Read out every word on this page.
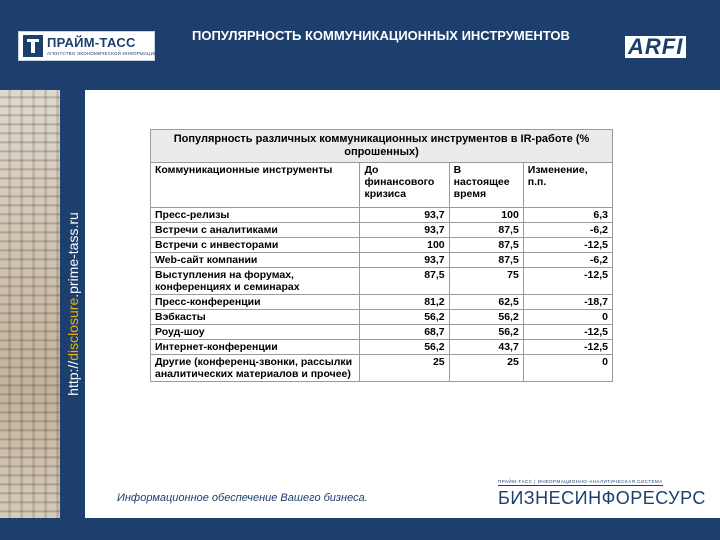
ПРАЙМ-ТАСС
АГЕНТСТВО ЭКОНОМИЧЕСКОЙ ИНФОРМАЦИИ
ПОПУЛЯРНОСТЬ КОММУНИКАЦИОННЫХ ИНСТРУМЕНТОВ	ARFI
http://disclosure.prime-tass.ru
Популярность различных коммуникационных инструментов в IR-работе (% опрошенных)			
Коммуникационные инструменты	До финансового кризиса	В настоящее время	Изменение, п.п.
Пресс-релизы	93,7	100	6,3
Встречи с аналитиками	93,7	87,5	-6,2
Встречи с инвесторами	100	87,5	-12,5
Web-сайт компании	93,7	87,5	-6,2
Выступления на форумах, конференциях и семинарах	87,5	75	-12,5
Пресс-конференции	81,2	62,5	-18,7
Вэбкасты	56,2	56,2	0
Роуд-шоу	68,7	56,2	-12,5
Интернет-конференции	56,2	43,7	-12,5
Другие (конференц-звонки, рассылки аналитических материалов и прочее)	25	25	0
Информационное обеспечение Вашего бизнеса.
ПРАЙМ-ТАСС | ИНФОРМАЦИОННО-АНАЛИТИЧЕСКАЯ СИСТЕМА
БИЗНЕСИНФОРЕСУРС
